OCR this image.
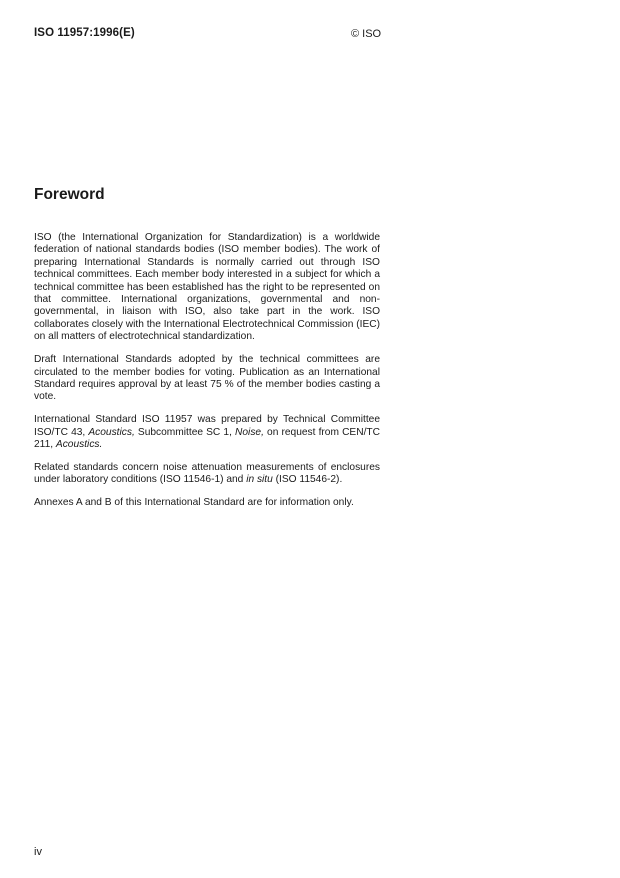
ISO 11957:1996(E)	© ISO
Foreword

ISO (the International Organization for Standardization) is a worldwide federation of national standards bodies (ISO member bodies). The work of preparing International Standards is normally carried out through ISO technical committees. Each member body interested in a subject for which a technical committee has been established has the right to be represented on that committee. International organizations, governmental and non-governmental, in liaison with ISO, also take part in the work. ISO collaborates closely with the International Electrotechnical Commission (IEC) on all matters of electrotechnical standardization.

Draft International Standards adopted by the technical committees are circulated to the member bodies for voting. Publication as an International Standard requires approval by at least 75 % of the member bodies casting a vote.

International Standard ISO 11957 was prepared by Technical Committee ISO/TC 43, Acoustics, Subcommittee SC 1, Noise, on request from CEN/TC 211, Acoustics.

Related standards concern noise attenuation measurements of enclosures under laboratory conditions (ISO 11546-1) and in situ (ISO 11546-2).

Annexes A and B of this International Standard are for information only.

iv
